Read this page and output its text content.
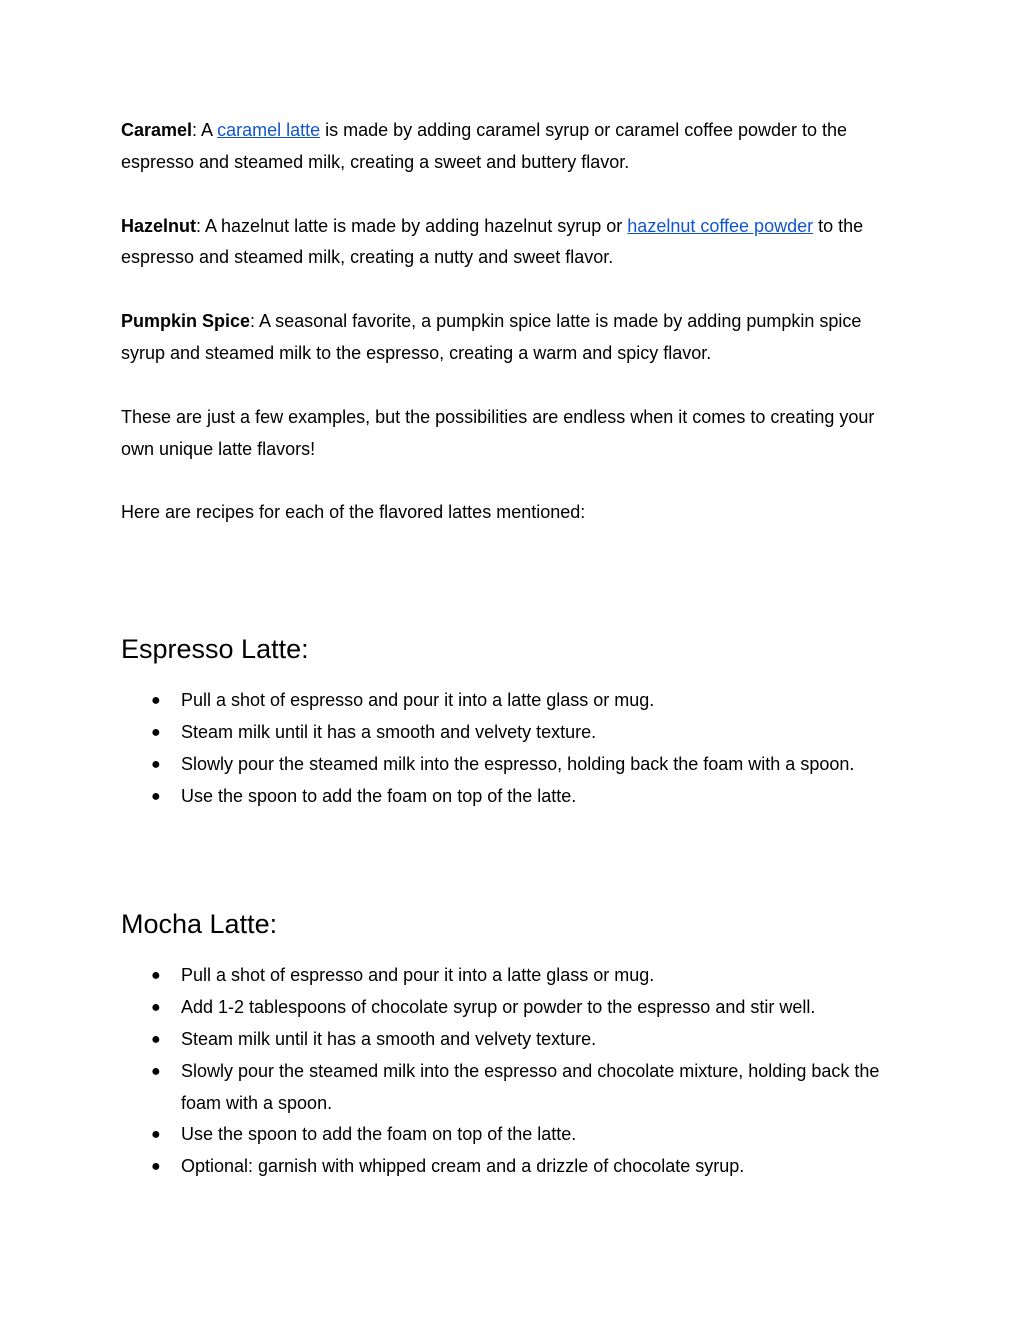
Caramel: A caramel latte is made by adding caramel syrup or caramel coffee powder to the espresso and steamed milk, creating a sweet and buttery flavor.

Hazelnut: A hazelnut latte is made by adding hazelnut syrup or hazelnut coffee powder to the espresso and steamed milk, creating a nutty and sweet flavor.

Pumpkin Spice: A seasonal favorite, a pumpkin spice latte is made by adding pumpkin spice syrup and steamed milk to the espresso, creating a warm and spicy flavor.

These are just a few examples, but the possibilities are endless when it comes to creating your own unique latte flavors!

Here are recipes for each of the flavored lattes mentioned:

Espresso Latte:
● Pull a shot of espresso and pour it into a latte glass or mug.
● Steam milk until it has a smooth and velvety texture.
● Slowly pour the steamed milk into the espresso, holding back the foam with a spoon.
● Use the spoon to add the foam on top of the latte.
Mocha Latte:
● Pull a shot of espresso and pour it into a latte glass or mug.
● Add 1-2 tablespoons of chocolate syrup or powder to the espresso and stir well.
● Steam milk until it has a smooth and velvety texture.
● Slowly pour the steamed milk into the espresso and chocolate mixture, holding back the foam with a spoon.
● Use the spoon to add the foam on top of the latte.
● Optional: garnish with whipped cream and a drizzle of chocolate syrup.
